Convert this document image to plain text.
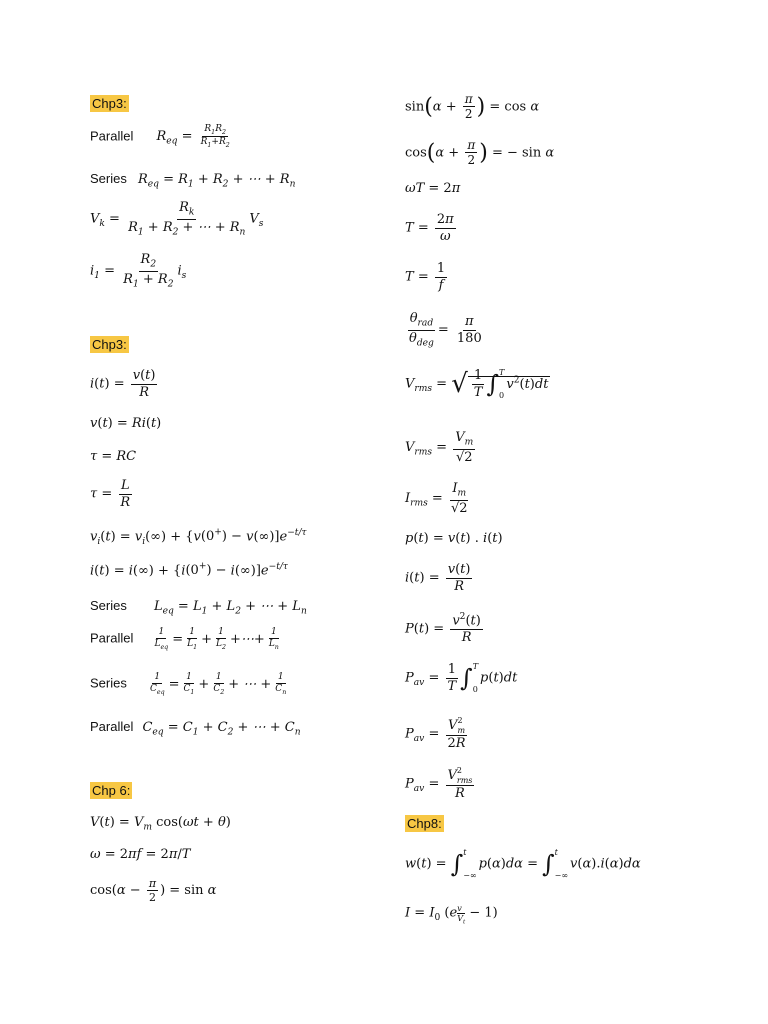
Chp3:
Parallel $R_{eq} = \frac{R_1R_2}{R_1+R_2}$
Series $R_{eq} = R_1 + R_2$ + ⋯ + $R_n$
$V_k = \frac{R_k}{R_1 + R_2 + \cdots + R_n} V_s$
$i_1 = \frac{R_2}{R_1 + R_2} i_s$
Chp3:
$i(t) = \frac{v(t)}{R}$
v(t) = Ri(t)
τ = RC
$\tau = \frac{L}{R}$
$v_i(t) = v_i(\infty) + \{v(0^+) - v(\infty)]e^{-t/\tau}$
$i(t) = i(\infty) + \{i(0^+) - i(\infty)]e^{-t/\tau}$
Series $L_{eq} = L_1 + L_2$ + ⋯ + $L_n$
Parallel $\frac{1}{L_{eq}} = \frac{1}{L_1} + \frac{1}{L_2}$ +⋯+ $\frac{1}{L_n}$
Series $\frac{1}{C_{eq}} = \frac{1}{C_1} + \frac{1}{C_2}$ + ⋯ + $\frac{1}{C_n}$
Parallel $C_{eq} = C_1 + C_2$ + ⋯ + $C_n$
Chp 6:
$V(t) = V_m$ cos(ωt + θ)
ω = 2πf = 2π/T
$\cos(\alpha - \frac{\pi}{2}$ ) = sin α
$\sin(\alpha + \frac{\pi}{2}$ ) = cos α
$\cos(\alpha + \frac{\pi}{2}$ ) = − sin α
ωT = 2π
$T = \frac{2\pi}{\omega}$
$T = \frac{1}{f}$
$\frac{\theta_{rad}}{\theta_{deg}} = \frac{\pi}{180}$
$V_{rms}$ = √ $\frac{1}{T}$ ∫ T
0
$v^2(t)dt$
$V_{rms} = \frac{V_m}{√2}$
$I_{rms} = \frac{I_m}{√2}$
p(t) = v(t) . i(t)
$i(t) = \frac{v(t)}{R}$
$P(t) = \frac{v^2(t)}{R}$
$P_{av} = \frac{1}{T}$ ∫ T
0
p(t)dt
$P_{av} = V$ 2
m
2R
$P_{av} = V$ 2
rms
R
Chp8:
w(t) = ∫ t
−∞
p(α)dα = ∫ t
−∞
v(α).i(α)dα
$I = I_0$ $(e \frac{v}{V_t} - 1)$
